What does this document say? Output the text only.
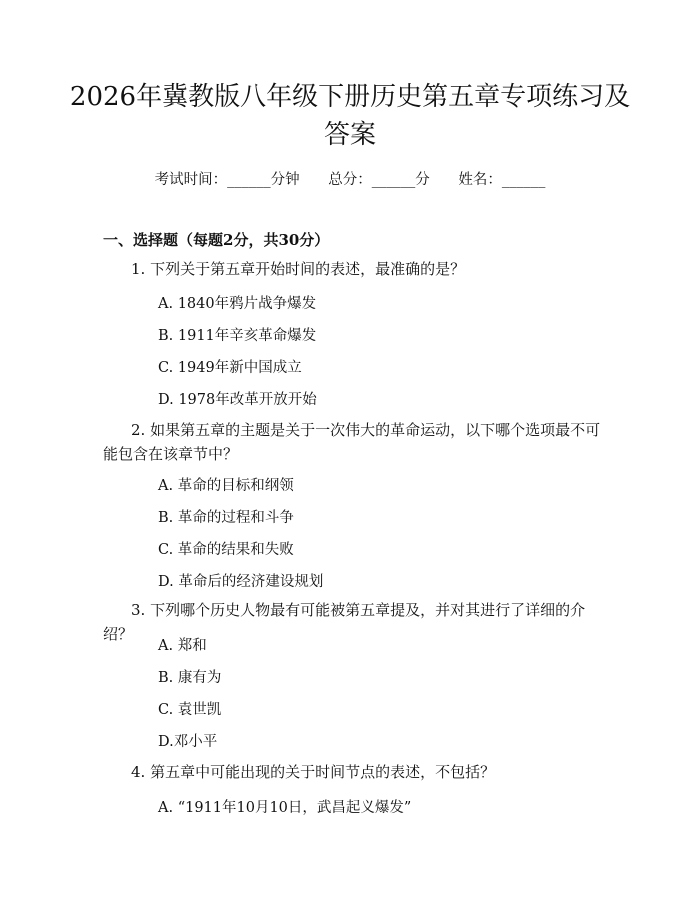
2026年冀教版八年级下册历史第五章专项练习及答案
考试时间：______分钟 总分：______分 姓名：______
一、选择题（每题2分，共30分）
1. 下列关于第五章开始时间的表述，最准确的是？
A. 1840年鸦片战争爆发
B. 1911年辛亥革命爆发
C. 1949年新中国成立
D. 1978年改革开放开始
2. 如果第五章的主题是关于一次伟大的革命运动，以下哪个选项最不可能包含在该章节中？
A. 革命的目标和纲领
B. 革命的过程和斗争
C. 革命的结果和失败
D. 革命后的经济建设规划
3. 下列哪个历史人物最有可能被第五章提及，并对其进行了详细的介绍？
A. 郑和
B. 康有为
C. 袁世凯
D.邓小平
4. 第五章中可能出现的关于时间节点的表述，不包括？
A. “1911年10月10日，武昌起义爆发”
